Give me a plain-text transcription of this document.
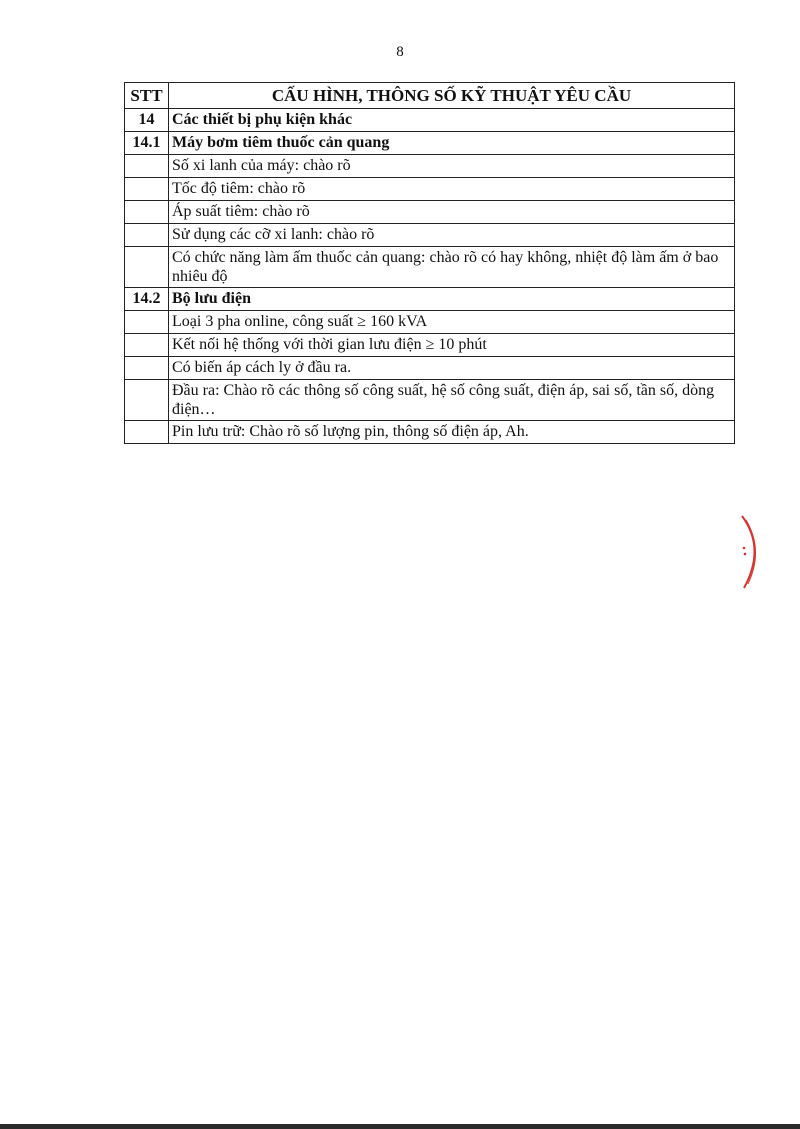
8
STT	CẤU HÌNH, THÔNG SỐ KỸ THUẬT YÊU CẦU
14	Các thiết bị phụ kiện khác
14.1	Máy bơm tiêm thuốc cản quang
	Số xi lanh của máy: chào rõ
	Tốc độ tiêm: chào rõ
	Áp suất tiêm: chào rõ
	Sử dụng các cỡ xi lanh: chào rõ
	Có chức năng làm ấm thuốc cản quang: chào rõ có hay không, nhiệt độ làm ấm ở bao nhiêu độ
14.2	Bộ lưu điện
	Loại 3 pha online, công suất ≥ 160 kVA
	Kết nối hệ thống với thời gian lưu điện ≥ 10 phút
	Có biến áp cách ly ở đầu ra.
	Đầu ra: Chào rõ các thông số công suất, hệ số công suất, điện áp, sai số, tần số, dòng điện…
	Pin lưu trữ: Chào rõ số lượng pin, thông số điện áp, Ah.
